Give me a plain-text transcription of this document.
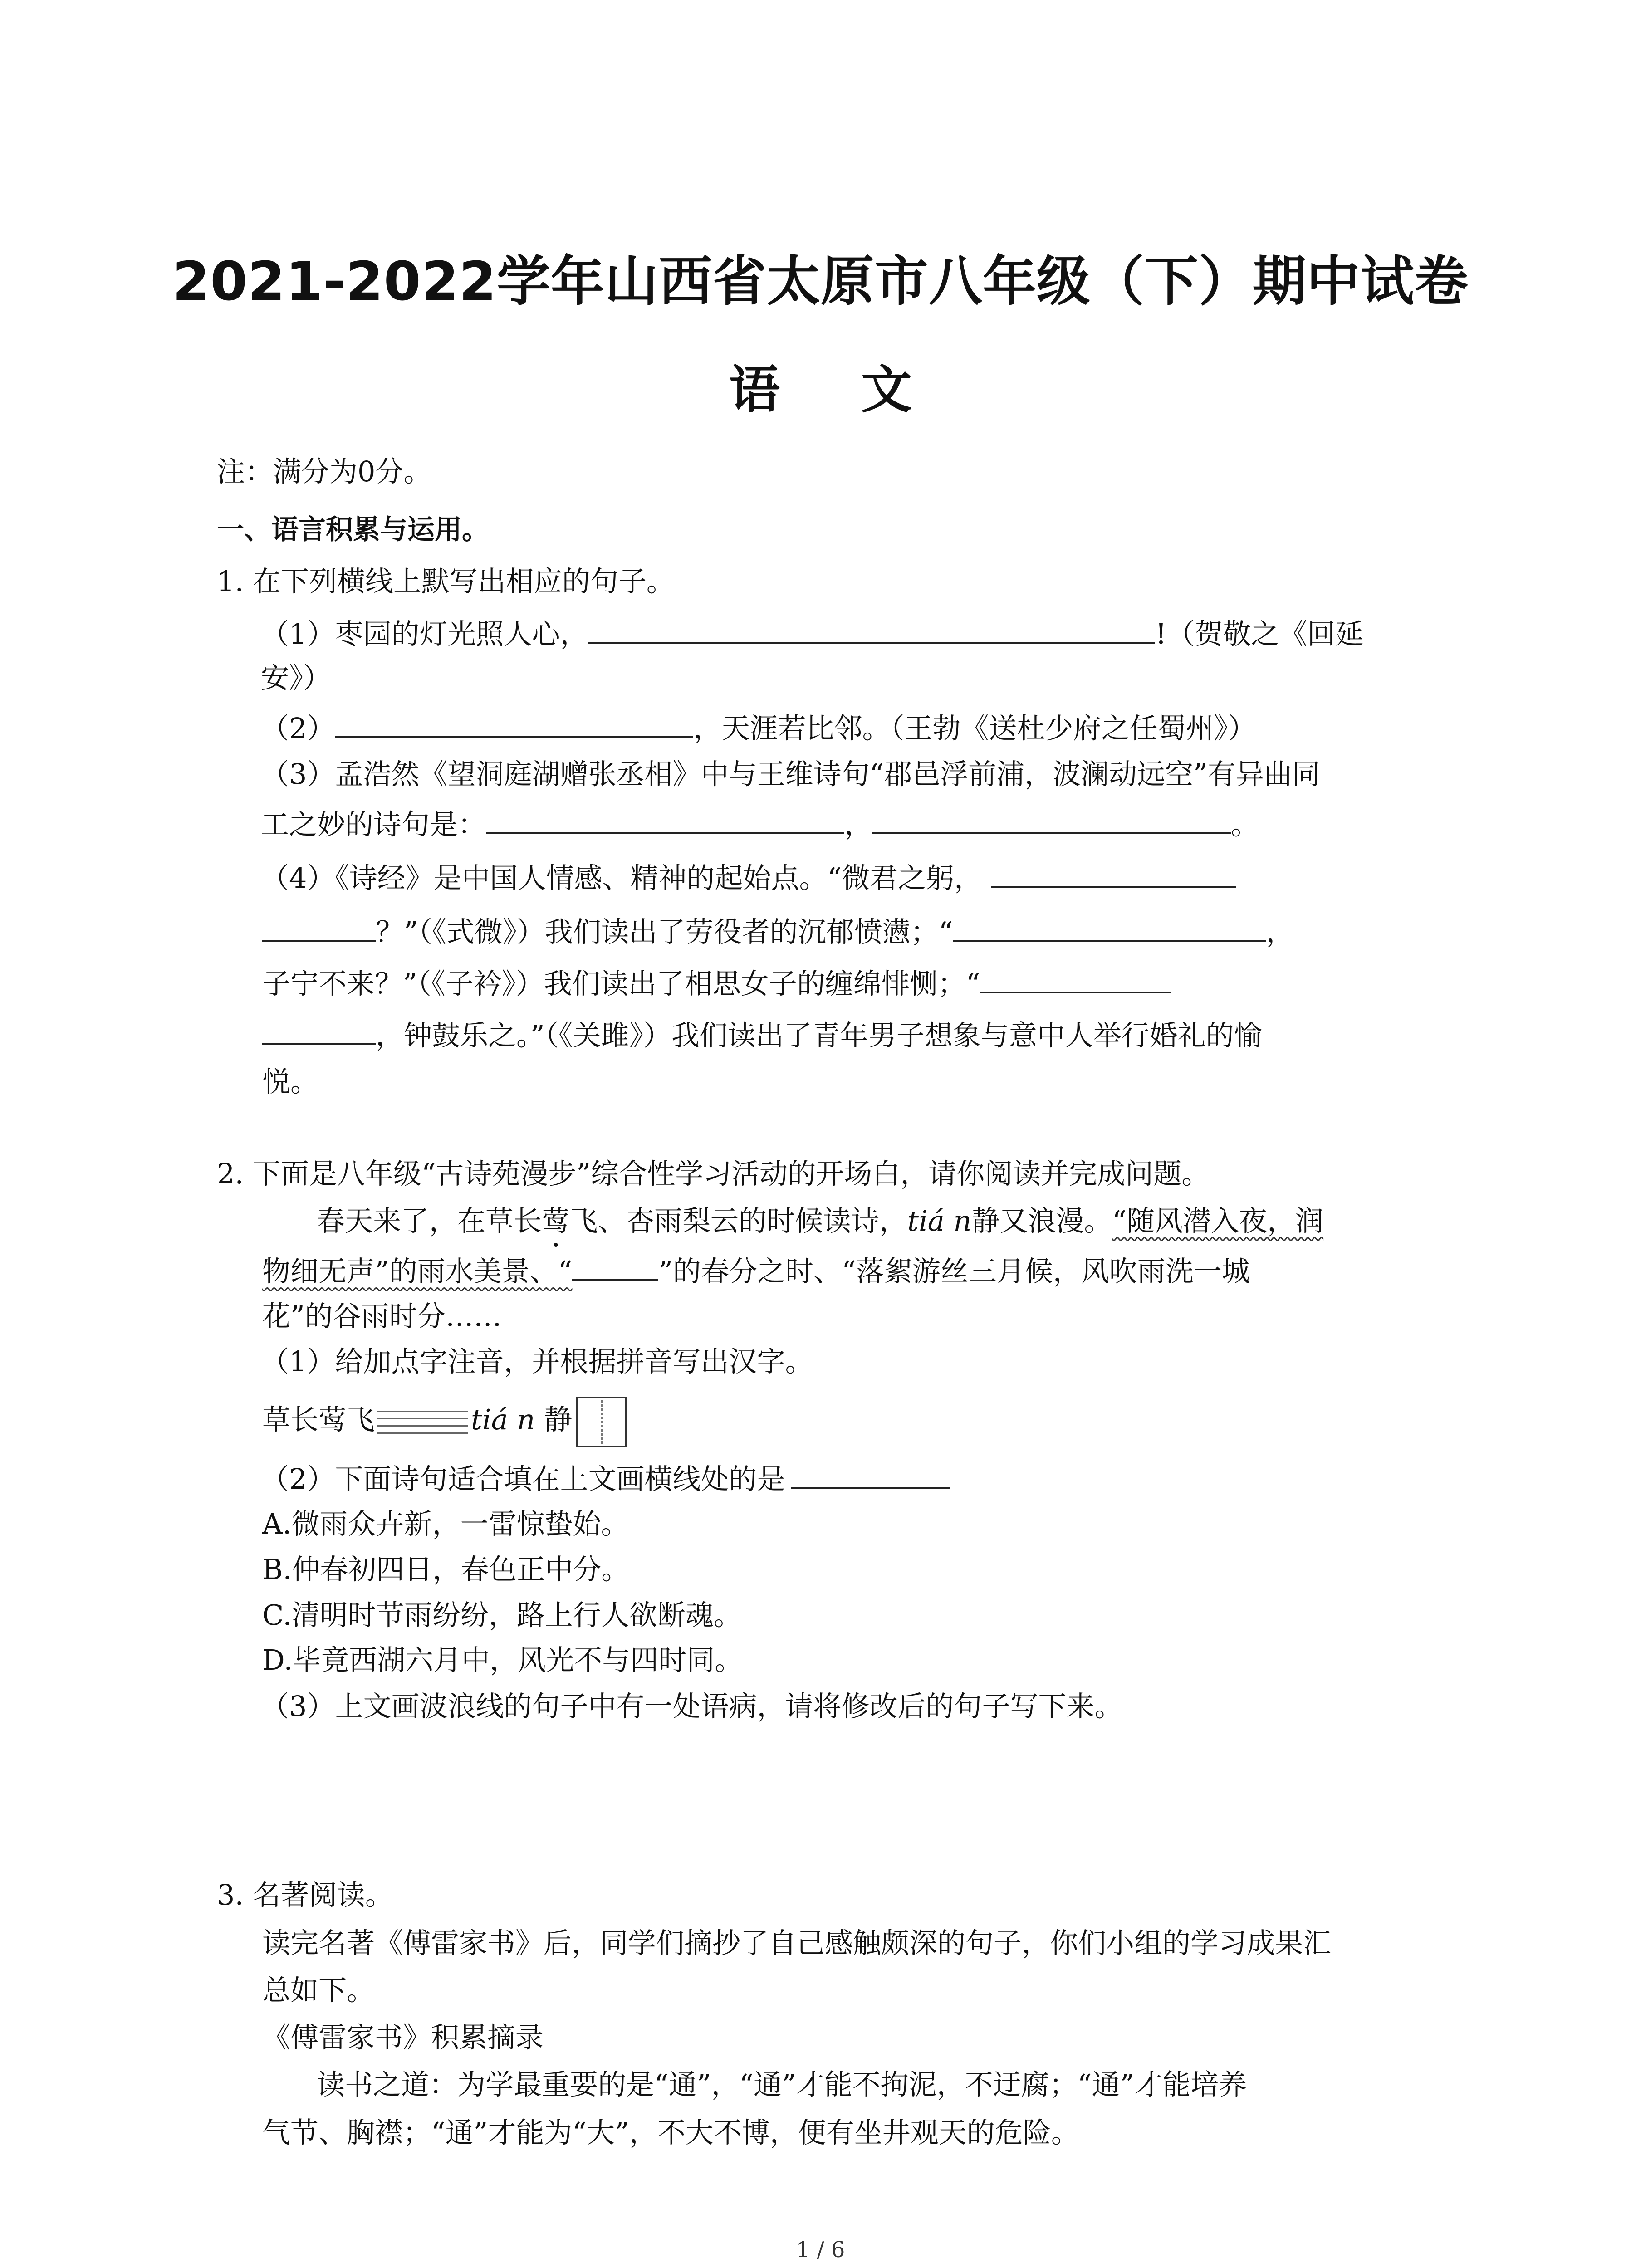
2021-2022学年山西省太原市八年级（下）期中试卷
语 文
注：满分为0分。
一、语言积累与运用。
1. 在下列横线上默写出相应的句子。
（1）枣园的灯光照人心，	!（贺敬之《回延
安》）
（2）	，天涯若比邻。（王勃《送杜少府之任蜀州》）
（3）孟浩然《望洞庭湖赠张丞相》中与王维诗句“郡邑浮前浦，波澜动远空”有异曲同
工之妙的诗句是：	，	。
（4）《诗经》是中国人情感、精神的起始点。“微君之躬，
？”（《式微》）我们读出了劳役者的沉郁愤懑；“	，
子宁不来？”（《子衿》）我们读出了相思女子的缠绵悱恻；“
，钟鼓乐之。”（《关雎》）我们读出了青年男子想象与意中人举行婚礼的愉
悦。
2. 下面是八年级“古诗苑漫步”综合性学习活动的开场白，请你阅读并完成问题。
春天来了，在草长莺飞、杏雨梨云的时候读诗，tiá n静又浪漫。“随风潜入夜，润
物细无声”的雨水美景、“	”的春分之时、“落絮游丝三月候，风吹雨洗一城
花”的谷雨时分……
（1）给加点字注音，并根据拼音写出汉字。
草长莺飞	tiá n 静
（2）下面诗句适合填在上文画横线处的是
A.微雨众卉新，一雷惊蛰始。
B.仲春初四日，春色正中分。
C.清明时节雨纷纷，路上行人欲断魂。
D.毕竟西湖六月中，风光不与四时同。
（3）上文画波浪线的句子中有一处语病，请将修改后的句子写下来。
3. 名著阅读。
读完名著《傅雷家书》后，同学们摘抄了自己感触颇深的句子，你们小组的学习成果汇
总如下。
《傅雷家书》积累摘录
读书之道：为学最重要的是“通”，“通”才能不拘泥，不迂腐；“通”才能培养
气节、胸襟；“通”才能为“大”，不大不博，便有坐井观天的危险。
1 / 6
